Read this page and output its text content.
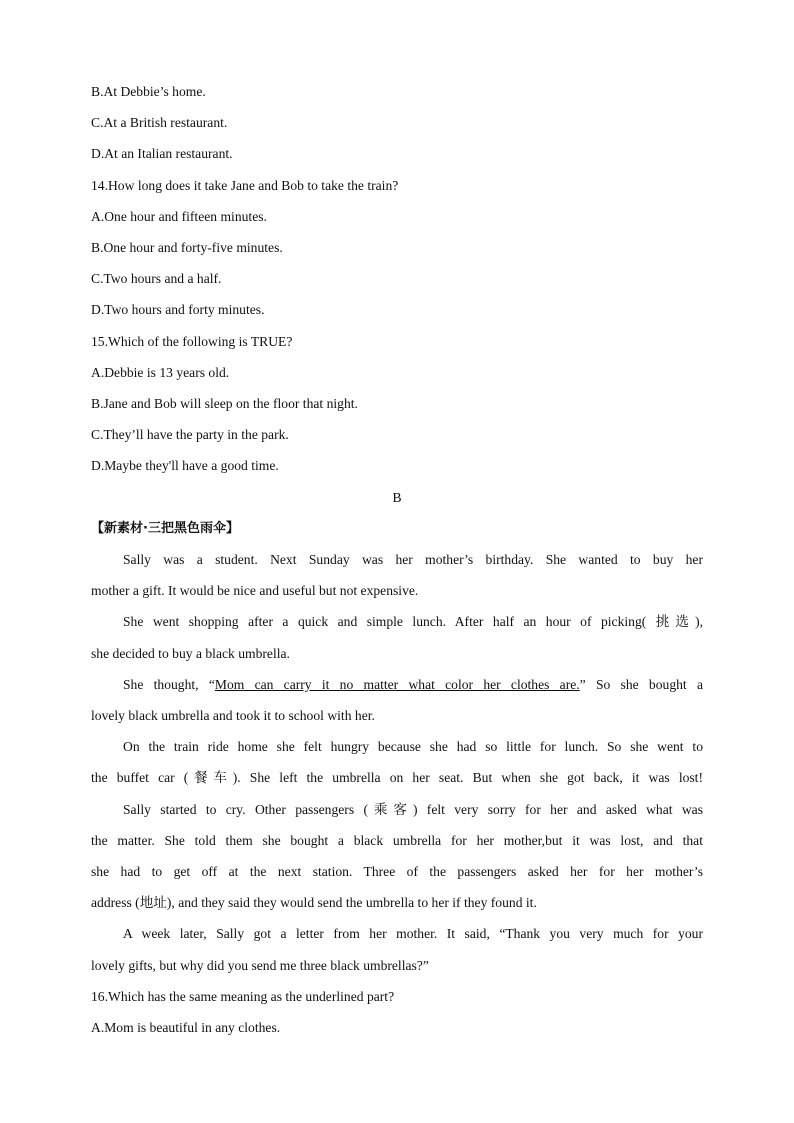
B.At Debbie’s home.
C.At a British restaurant.
D.At an Italian restaurant.
14.How long does it take Jane and Bob to take the train?
A.One hour and fifteen minutes.
B.One hour and forty-five minutes.
C.Two hours and a half.
D.Two hours and forty minutes.
15.Which of the following is TRUE?
A.Debbie is 13 years old.
B.Jane and Bob will sleep on the floor that night.
C.They’ll have the party in the park.
D.Maybe they'll have a good time.
B
【新素材·三把黑色雨伞】
Sally was a student. Next Sunday was her mother’s birthday. She wanted to buy her
mother a gift. It would be nice and useful but not expensive.
She went shopping after a quick and simple lunch. After half an hour of picking( 挑选),
she decided to buy a black umbrella.
She thought, “Mom can carry it no matter what color her clothes are.” So she bought a
lovely black umbrella and took it to school with her.
On the train ride home she felt hungry because she had so little for lunch. So she went to
the buffet car (餐车). She left the umbrella on her seat. But when she got back, it was lost!
Sally started to cry. Other passengers (乘客) felt very sorry for her and asked what was
the matter. She told them she bought a black umbrella for her mother,but it was lost, and that
she had to get off at the next station. Three of the passengers asked her for her mother’s
address (地址), and they said they would send the umbrella to her if they found it.
A week later, Sally got a letter from her mother. It said, “Thank you very much for your
lovely gifts, but why did you send me three black umbrellas?”
16.Which has the same meaning as the underlined part?
A.Mom is beautiful in any clothes.
